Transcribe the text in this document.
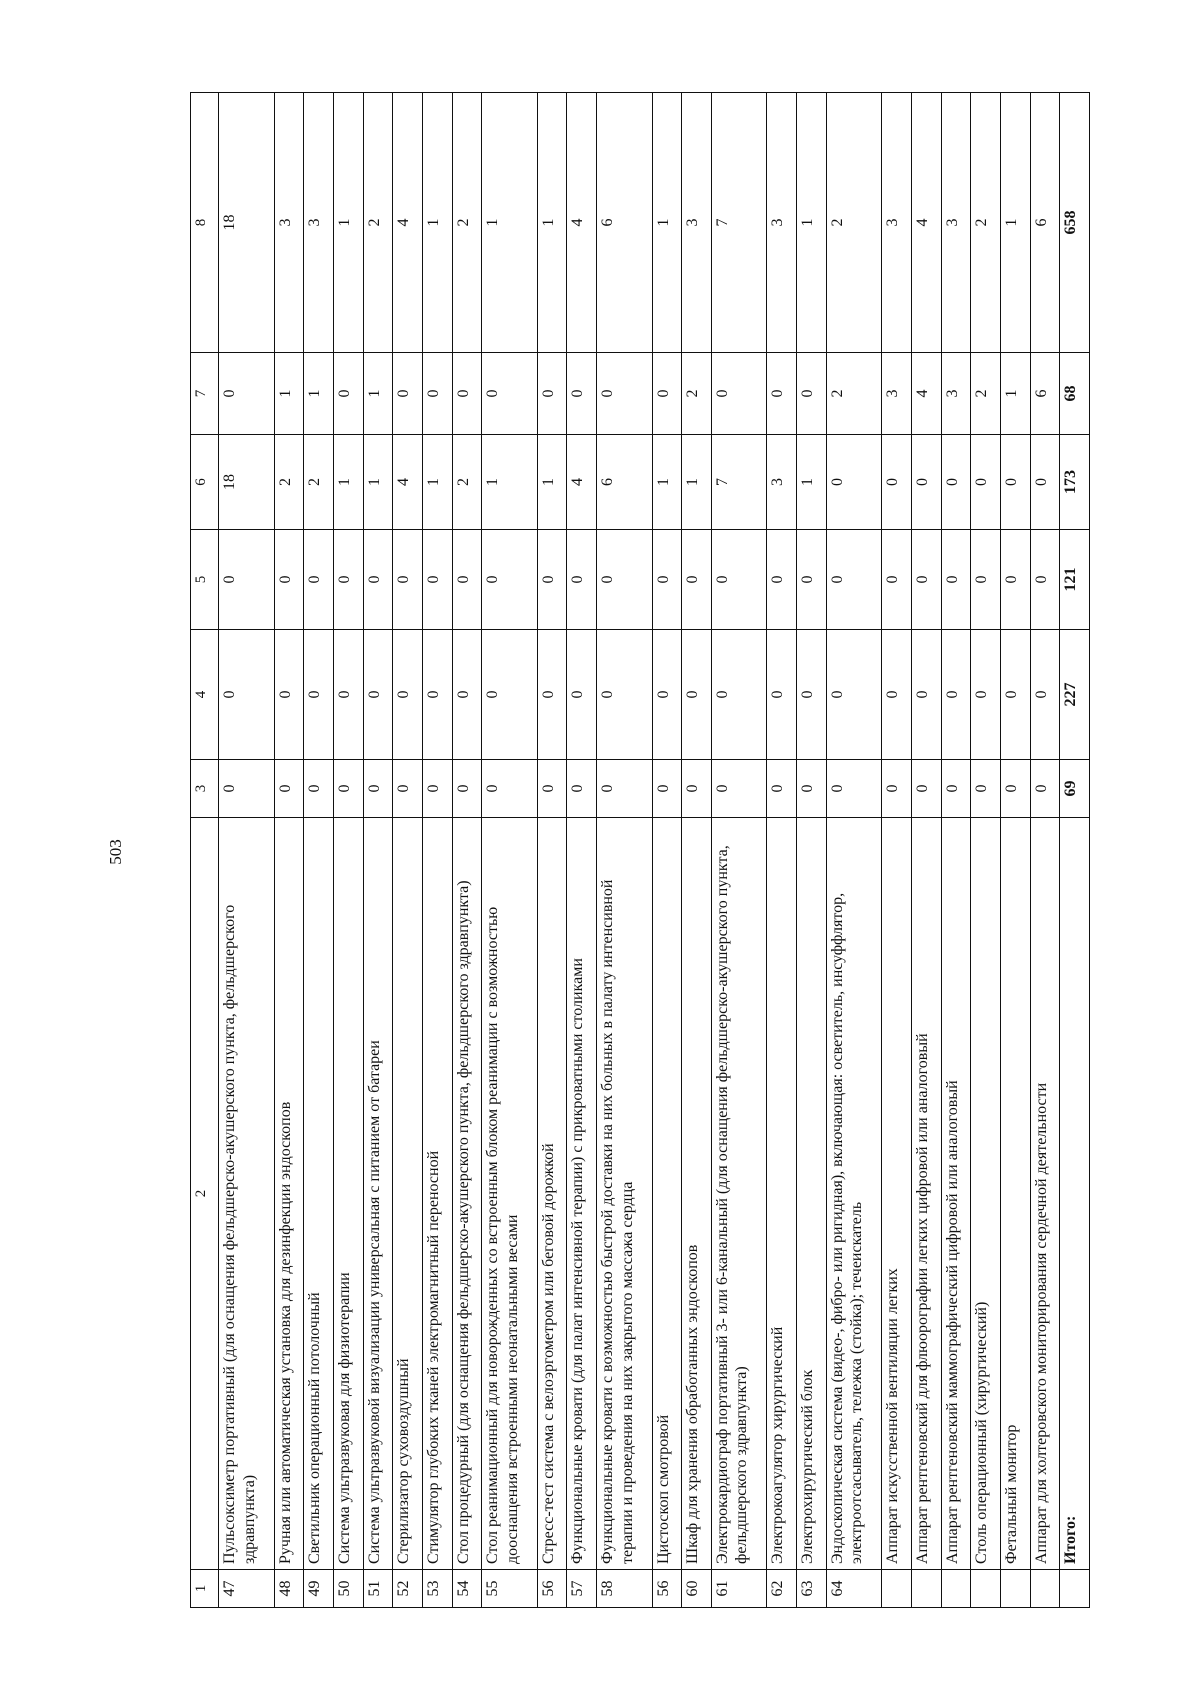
503
1	2	3	4	5	6	7	8
47	Пульсоксиметр портативный (для оснащения фельдшерско-акушерского пункта, фельдшерского здравпункта)	0	0	0	18	0	18
48	Ручная или автоматическая установка для дезинфекции эндоскопов	0	0	0	2	1	3
49	Светильник операционный потолочный	0	0	0	2	1	3
50	Система ультразвуковая для физиотерапии	0	0	0	1	0	1
51	Система ультразвуковой визуализации универсальная с питанием от батареи	0	0	0	1	1	2
52	Стерилизатор суховоздушный	0	0	0	4	0	4
53	Стимулятор глубоких тканей электромагнитный переносной	0	0	0	1	0	1
54	Стол процедурный (для оснащения фельдшерско-акушерского пункта, фельдшерского здравпункта)	0	0	0	2	0	2
55	Стол реанимационный для новорожденных со встроенным блоком реанимации с возможностью дооснащения встроенными неонатальными весами	0	0	0	1	0	1
56	Стресс-тест система с велоэргометром или беговой дорожкой	0	0	0	1	0	1
57	Функциональные кровати (для палат интенсивной терапии) с прикроватными столиками	0	0	0	4	0	4
58	Функциональные кровати с возможностью быстрой доставки на них больных в палату интенсивной терапии и проведения на них закрытого массажа сердца	0	0	0	6	0	6
56	Цистоскоп смотровой	0	0	0	1	0	1
60	Шкаф для хранения обработанных эндоскопов	0	0	0	1	2	3
61	Электрокардиограф портативный 3- или 6-канальный (для оснащения фельдшерско-акушерского пункта, фельдшерского здравпункта)	0	0	0	7	0	7
62	Электрокоагулятор хирургический	0	0	0	3	0	3
63	Электрохирургический блок	0	0	0	1	0	1
64	Эндоскопическая система (видео-, фибро- или ригидная), включающая: осветитель, инсуффлятор, электроотсасыватель, тележка (стойка); течеискатель	0	0	0	0	2	2
	Аппарат искусственной вентиляции легких	0	0	0	0	3	3
	Аппарат рентгеновский для флюорографии легких цифровой или аналоговый	0	0	0	0	4	4
	Аппарат рентгеновский маммографический цифровой или аналоговый	0	0	0	0	3	3
	Столь операционный (хирургический)	0	0	0	0	2	2
	Фетальный монитор	0	0	0	0	1	1
	Аппарат для холтеровского мониторирования сердечной деятельности	0	0	0	0	6	6
	Итого:	69	227	121	173	68	658
